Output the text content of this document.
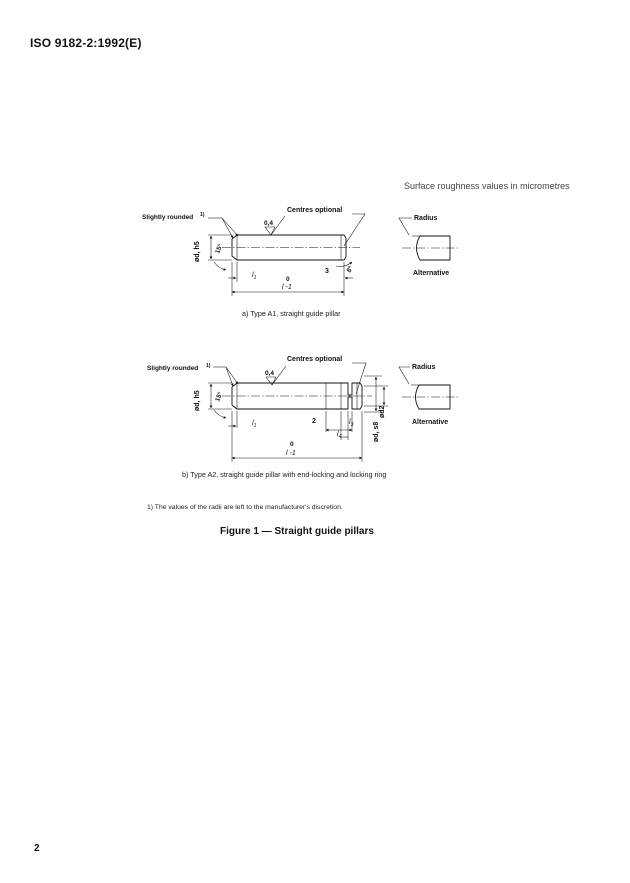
ISO 9182-2:1992(E)
Surface roughness values in micrometres
ød, h5 15°
8°
Slightly rounded 1)
Centres optional
0,4
$l_1$
3
0
l -1
Radius
Alternative
ød, h5 15°
ød2
ød, s8
Slightly rounded 1)
Centres optional
0,4
$l_1$
2	$l_3$
$l_4$
0
l -1
Radius
Alternative
a) Type A1, straight guide pillar
b) Type A2, straight guide pillar with end-locking and locking ring
1) The values of the radii are left to the manufacturer's discretion.
Figure 1 — Straight guide pillars
2
